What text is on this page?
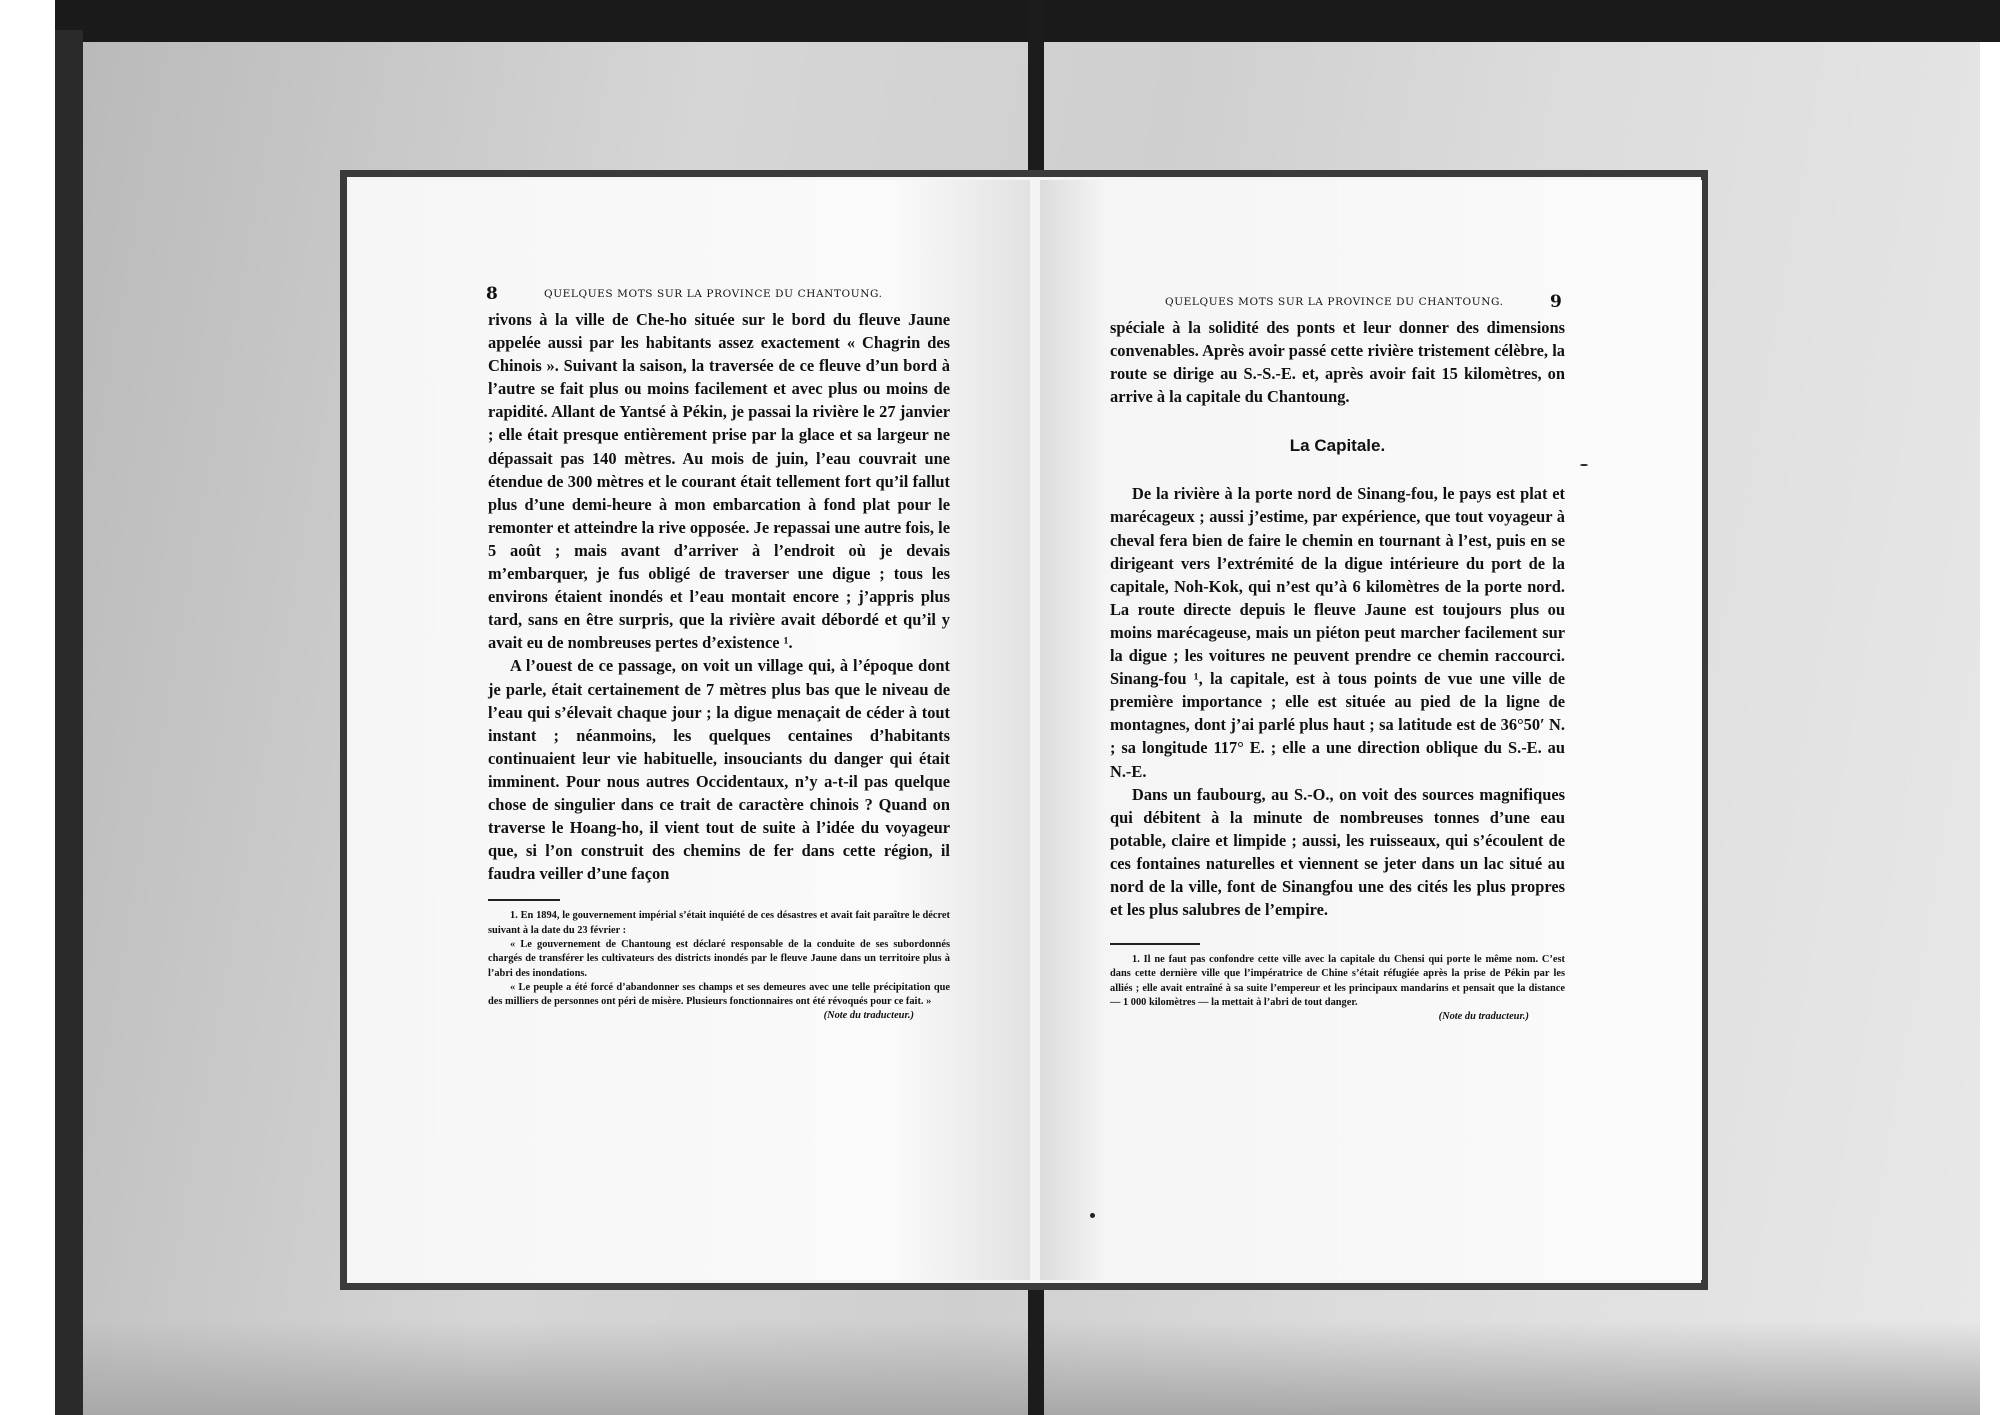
8	QUELQUES MOTS SUR LA PROVINCE DU CHANTOUNG.

rivons à la ville de Che-ho située sur le bord du fleuve Jaune appelée aussi par les habitants assez exactement « Chagrin des Chinois ». Suivant la saison, la traversée de ce fleuve d’un bord à l’autre se fait plus ou moins facilement et avec plus ou moins de rapidité. Allant de Yantsé à Pékin, je passai la rivière le 27 janvier ; elle était presque entièrement prise par la glace et sa largeur ne dépassait pas 140 mètres. Au mois de juin, l’eau couvrait une étendue de 300 mètres et le courant était tellement fort qu’il fallut plus d’une demi-heure à mon embarcation à fond plat pour le remonter et atteindre la rive opposée. Je repassai une autre fois, le 5 août ; mais avant d’arriver à l’endroit où je devais m’embarquer, je fus obligé de traverser une digue ; tous les environs étaient inondés et l’eau montait encore ; j’appris plus tard, sans en être surpris, que la rivière avait débordé et qu’il y avait eu de nombreuses pertes d’existence ¹.

A l’ouest de ce passage, on voit un village qui, à l’époque dont je parle, était certainement de 7 mètres plus bas que le niveau de l’eau qui s’élevait chaque jour ; la digue menaçait de céder à tout instant ; néanmoins, les quelques centaines d’habitants continuaient leur vie habituelle, insouciants du danger qui était imminent. Pour nous autres Occidentaux, n’y a-t-il pas quelque chose de singulier dans ce trait de caractère chinois ? Quand on traverse le Hoang-ho, il vient tout de suite à l’idée du voyageur que, si l’on construit des chemins de fer dans cette région, il faudra veiller d’une façon

1. En 1894, le gouvernement impérial s’était inquiété de ces désastres et avait fait paraître le décret suivant à la date du 23 février :

« Le gouvernement de Chantoung est déclaré responsable de la conduite de ses subordonnés chargés de transférer les cultivateurs des districts inondés par le fleuve Jaune dans un territoire plus à l’abri des inondations.

« Le peuple a été forcé d’abandonner ses champs et ses demeures avec une telle précipitation que des milliers de personnes ont péri de misère. Plusieurs fonctionnaires ont été révoqués pour ce fait. »

(Note du traducteur.)

QUELQUES MOTS SUR LA PROVINCE DU CHANTOUNG.	9

spéciale à la solidité des ponts et leur donner des dimensions convenables. Après avoir passé cette rivière tristement célèbre, la route se dirige au S.-S.-E. et, après avoir fait 15 kilomètres, on arrive à la capitale du Chantoung.

La Capitale.

De la rivière à la porte nord de Sinang-fou, le pays est plat et marécageux ; aussi j’estime, par expérience, que tout voyageur à cheval fera bien de faire le chemin en tournant à l’est, puis en se dirigeant vers l’extrémité de la digue intérieure du port de la capitale, Noh-Kok, qui n’est qu’à 6 kilomètres de la porte nord. La route directe depuis le fleuve Jaune est toujours plus ou moins marécageuse, mais un piéton peut marcher facilement sur la digue ; les voitures ne peuvent prendre ce chemin raccourci. Sinang-fou ¹, la capitale, est à tous points de vue une ville de première importance ; elle est située au pied de la ligne de montagnes, dont j’ai parlé plus haut ; sa latitude est de 36°50′ N. ; sa longitude 117° E. ; elle a une direction oblique du S.-E. au N.-E.

Dans un faubourg, au S.-O., on voit des sources magnifiques qui débitent à la minute de nombreuses tonnes d’une eau potable, claire et limpide ; aussi, les ruisseaux, qui s’écoulent de ces fontaines naturelles et viennent se jeter dans un lac situé au nord de la ville, font de Sinangfou une des cités les plus propres et les plus salubres de l’empire.

1. Il ne faut pas confondre cette ville avec la capitale du Chensi qui porte le même nom. C’est dans cette dernière ville que l’impératrice de Chine s’était réfugiée après la prise de Pékin par les alliés ; elle avait entraîné à sa suite l’empereur et les principaux mandarins et pensait que la distance — 1 000 kilomètres — la mettait à l’abri de tout danger.

(Note du traducteur.)
